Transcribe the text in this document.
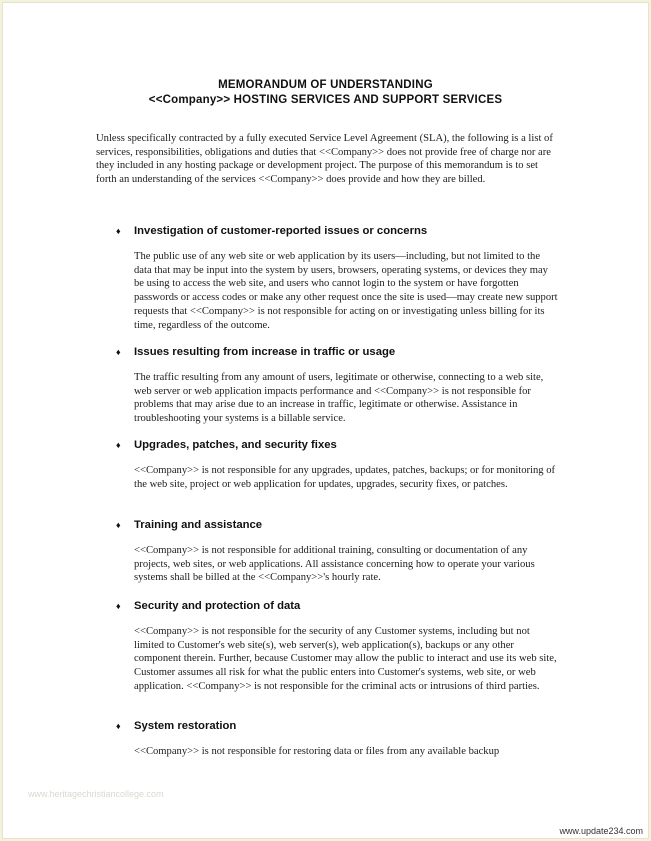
MEMORANDUM OF UNDERSTANDING
<<Company>> HOSTING SERVICES AND SUPPORT SERVICES
Unless specifically contracted by a fully executed Service Level Agreement (SLA), the following is a list of services, responsibilities, obligations and duties that <<Company>> does not provide free of charge nor are they included in any hosting package or development project. The purpose of this memorandum is to set forth an understanding of the services <<Company>> does provide and how they are billed.
♦ Investigation of customer-reported issues or concerns
The public use of any web site or web application by its users—including, but not limited to the data that may be input into the system by users, browsers, operating systems, or devices they may be using to access the web site, and users who cannot login to the system or have forgotten passwords or access codes or make any other request once the site is used—may create new support requests that <<Company>> is not responsible for acting on or investigating unless billing for its time, regardless of the outcome.
♦ Issues resulting from increase in traffic or usage
The traffic resulting from any amount of users, legitimate or otherwise, connecting to a web site, web server or web application impacts performance and <<Company>> is not responsible for problems that may arise due to an increase in traffic, legitimate or otherwise. Assistance in troubleshooting your systems is a billable service.
♦ Upgrades, patches, and security fixes
<<Company>> is not responsible for any upgrades, updates, patches, backups; or for monitoring of the web site, project or web application for updates, upgrades, security fixes, or patches.
♦ Training and assistance
<<Company>> is not responsible for additional training, consulting or documentation of any projects, web sites, or web applications. All assistance concerning how to operate your various systems shall be billed at the <<Company>>'s hourly rate.
♦ Security and protection of data
<<Company>> is not responsible for the security of any Customer systems, including but not limited to Customer's web site(s), web server(s), web application(s), backups or any other component therein. Further, because Customer may allow the public to interact and use its web site, Customer assumes all risk for what the public enters into Customer's systems, web site, or web application. <<Company>> is not responsible for the criminal acts or intrusions of third parties.
♦ System restoration
<<Company>> is not responsible for restoring data or files from any available backup
www.heritagechristiancollege.com
www.update234.com
